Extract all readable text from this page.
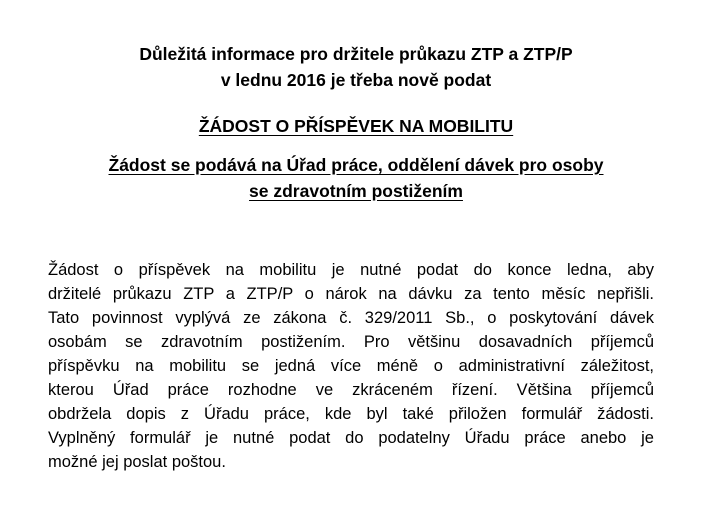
Důležitá informace pro držitele průkazu ZTP a ZTP/P
v lednu 2016 je třeba nově podat
ŽÁDOST O PŘÍSPĚVEK NA MOBILITU
Žádost se podává na Úřad práce, oddělení dávek pro osoby
se zdravotním postižením

Žádost o příspěvek na mobilitu je nutné podat do konce ledna, aby
držitelé průkazu ZTP a ZTP/P o nárok na dávku za tento měsíc nepřišli.
Tato povinnost vyplývá ze zákona č. 329/2011 Sb., o poskytování dávek
osobám se zdravotním postižením. Pro většinu dosavadních příjemců
příspěvku na mobilitu se jedná více méně o administrativní záležitost,
kterou Úřad práce rozhodne ve zkráceném řízení. Většina příjemců
obdržela dopis z Úřadu práce, kde byl také přiložen formulář žádosti.
Vyplněný formulář je nutné podat do podatelny Úřadu práce anebo je
možné jej poslat poštou.
